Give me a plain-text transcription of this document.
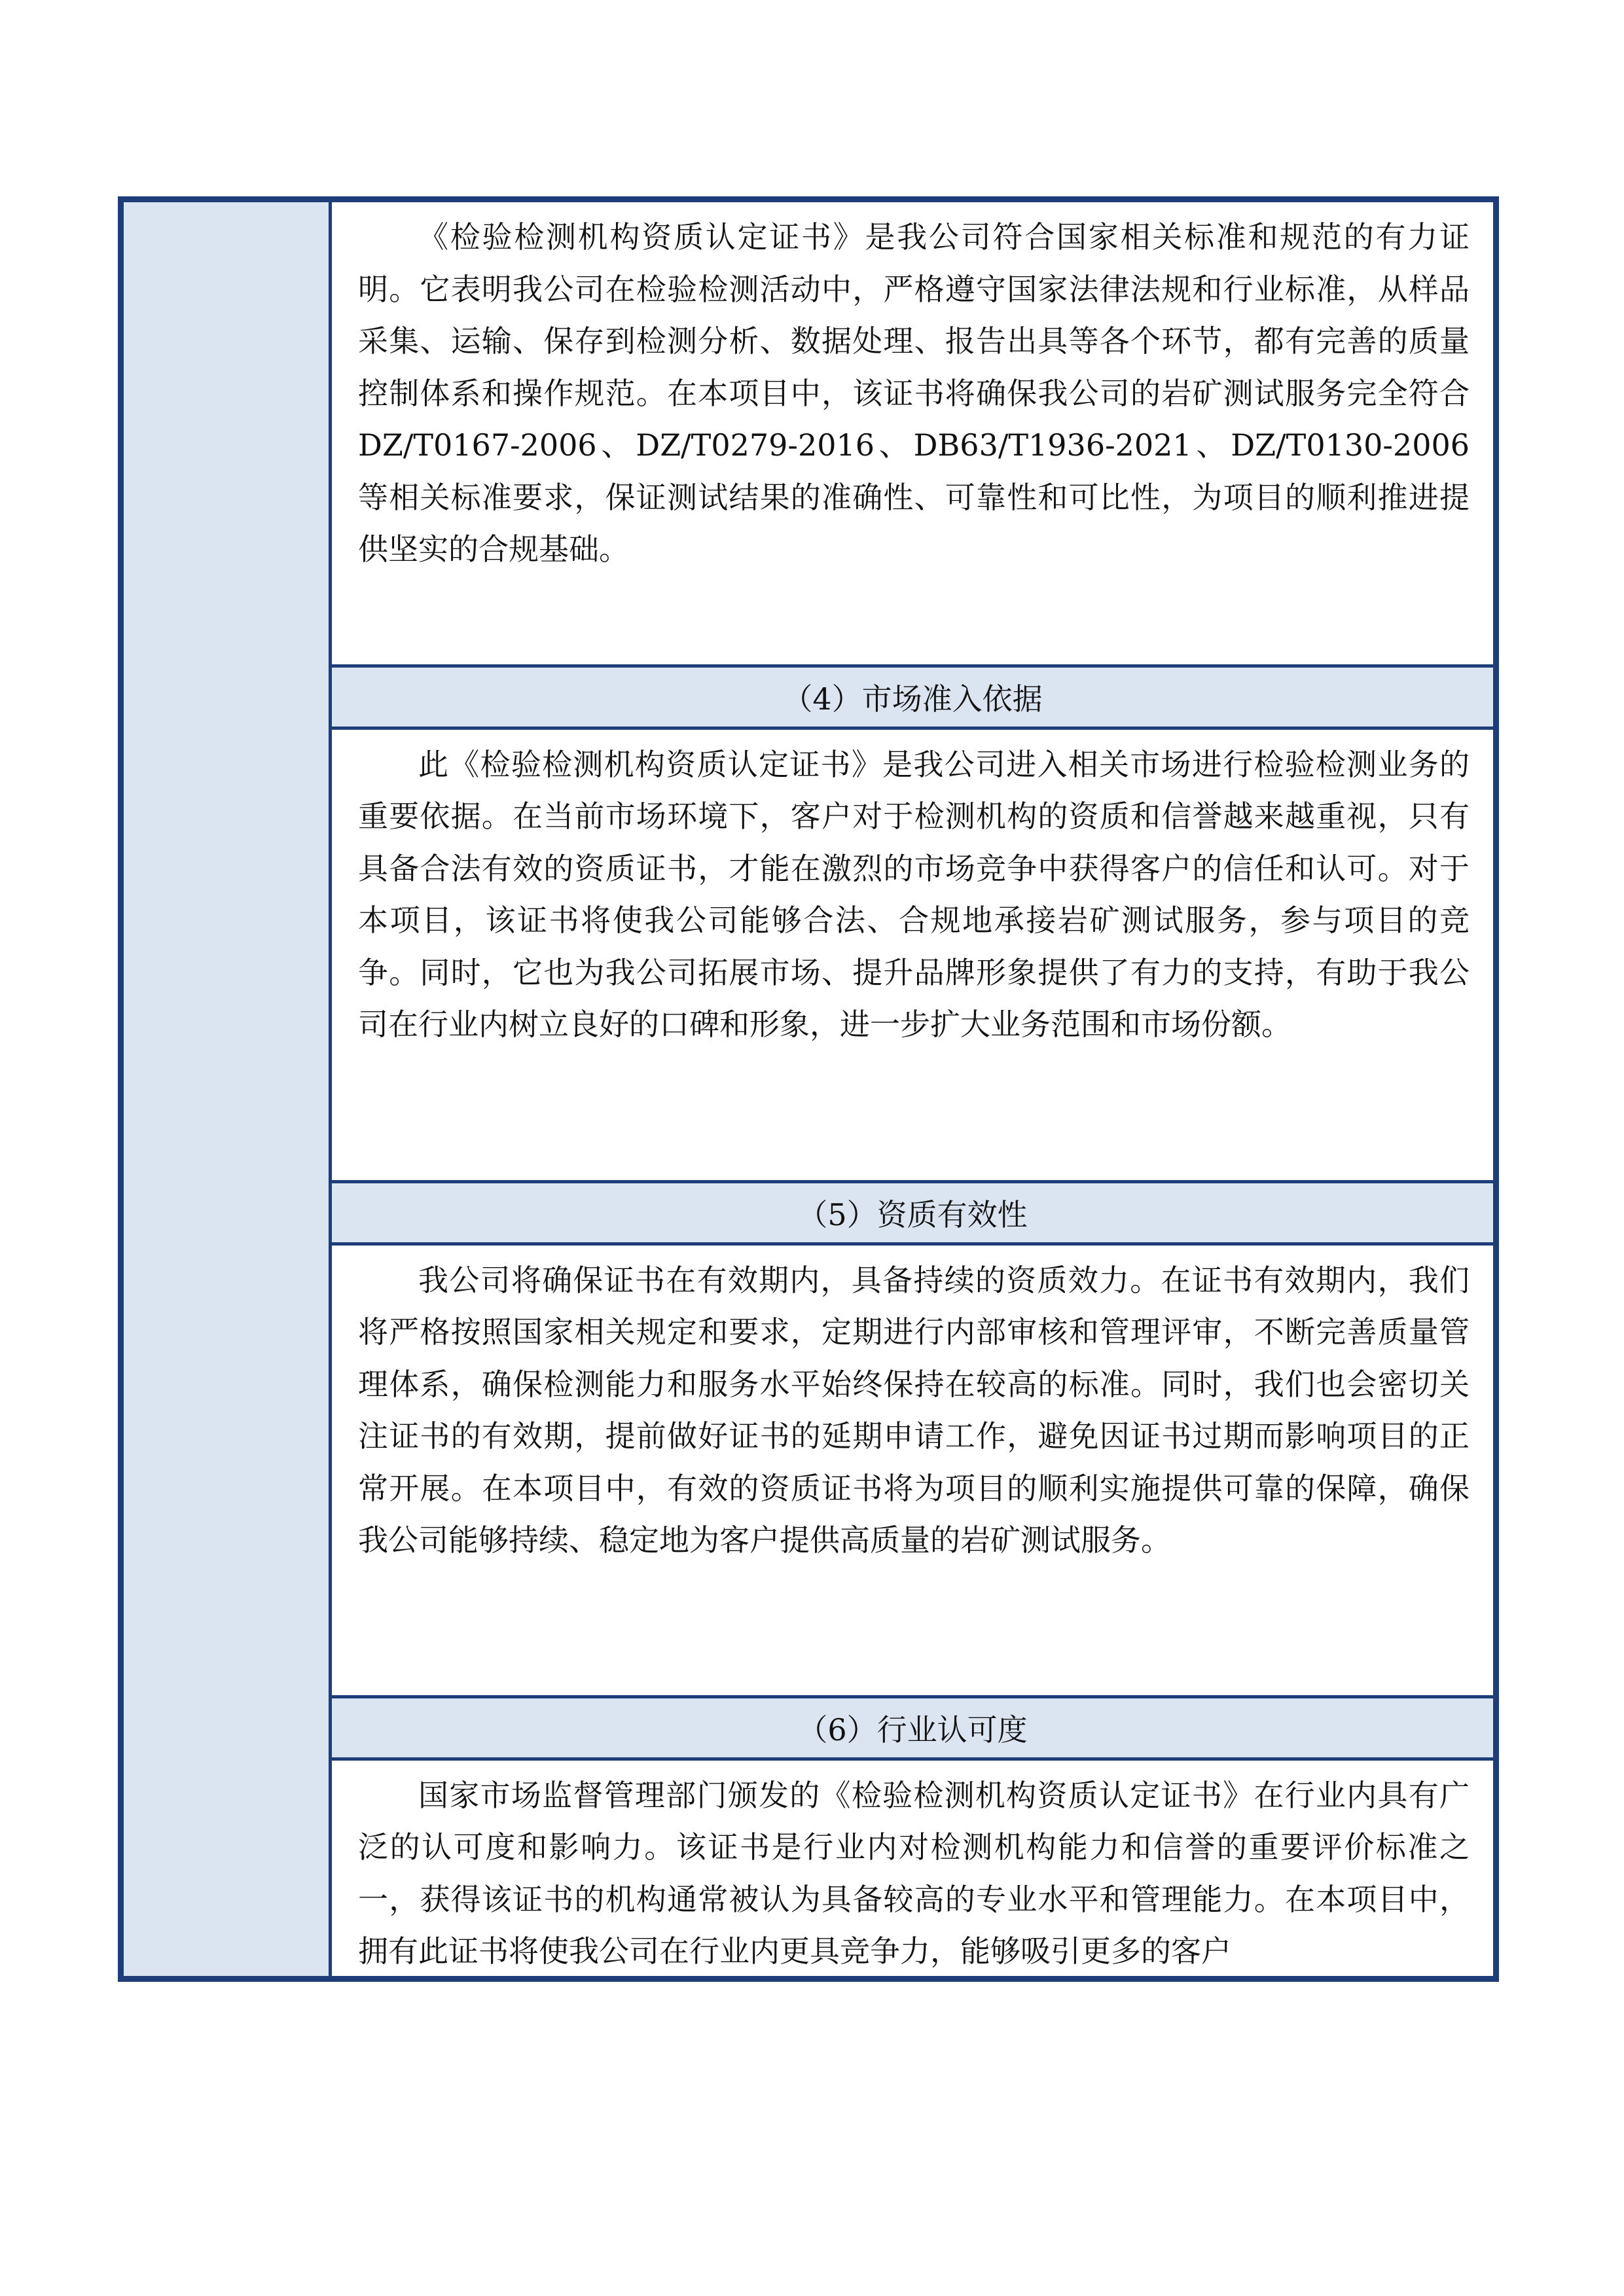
《检验检测机构资质认定证书》是我公司符合国家相关标准和规范的有力证明。它表明我公司在检验检测活动中，严格遵守国家法律法规和行业标准，从样品采集、运输、保存到检测分析、数据处理、报告出具等各个环节，都有完善的质量控制体系和操作规范。在本项目中，该证书将确保我公司的岩矿测试服务完全符合 DZ/T0167-2006、DZ/T0279-2016、DB63/T1936-2021、DZ/T0130-2006 等相关标准要求，保证测试结果的准确性、可靠性和可比性，为项目的顺利推进提供坚实的合规基础。

（4）市场准入依据

此《检验检测机构资质认定证书》是我公司进入相关市场进行检验检测业务的重要依据。在当前市场环境下，客户对于检测机构的资质和信誉越来越重视，只有具备合法有效的资质证书，才能在激烈的市场竞争中获得客户的信任和认可。对于本项目，该证书将使我公司能够合法、合规地承接岩矿测试服务，参与项目的竞争。同时，它也为我公司拓展市场、提升品牌形象提供了有力的支持，有助于我公司在行业内树立良好的口碑和形象，进一步扩大业务范围和市场份额。

（5）资质有效性

我公司将确保证书在有效期内，具备持续的资质效力。在证书有效期内，我们将严格按照国家相关规定和要求，定期进行内部审核和管理评审，不断完善质量管理体系，确保检测能力和服务水平始终保持在较高的标准。同时，我们也会密切关注证书的有效期，提前做好证书的延期申请工作，避免因证书过期而影响项目的正常开展。在本项目中，有效的资质证书将为项目的顺利实施提供可靠的保障，确保我公司能够持续、稳定地为客户提供高质量的岩矿测试服务。

（6）行业认可度

国家市场监督管理部门颁发的《检验检测机构资质认定证书》在行业内具有广泛的认可度和影响力。该证书是行业内对检测机构能力和信誉的重要评价标准之一，获得该证书的机构通常被认为具备较高的专业水平和管理能力。在本项目中，拥有此证书将使我公司在行业内更具竞争力，能够吸引更多的客户
